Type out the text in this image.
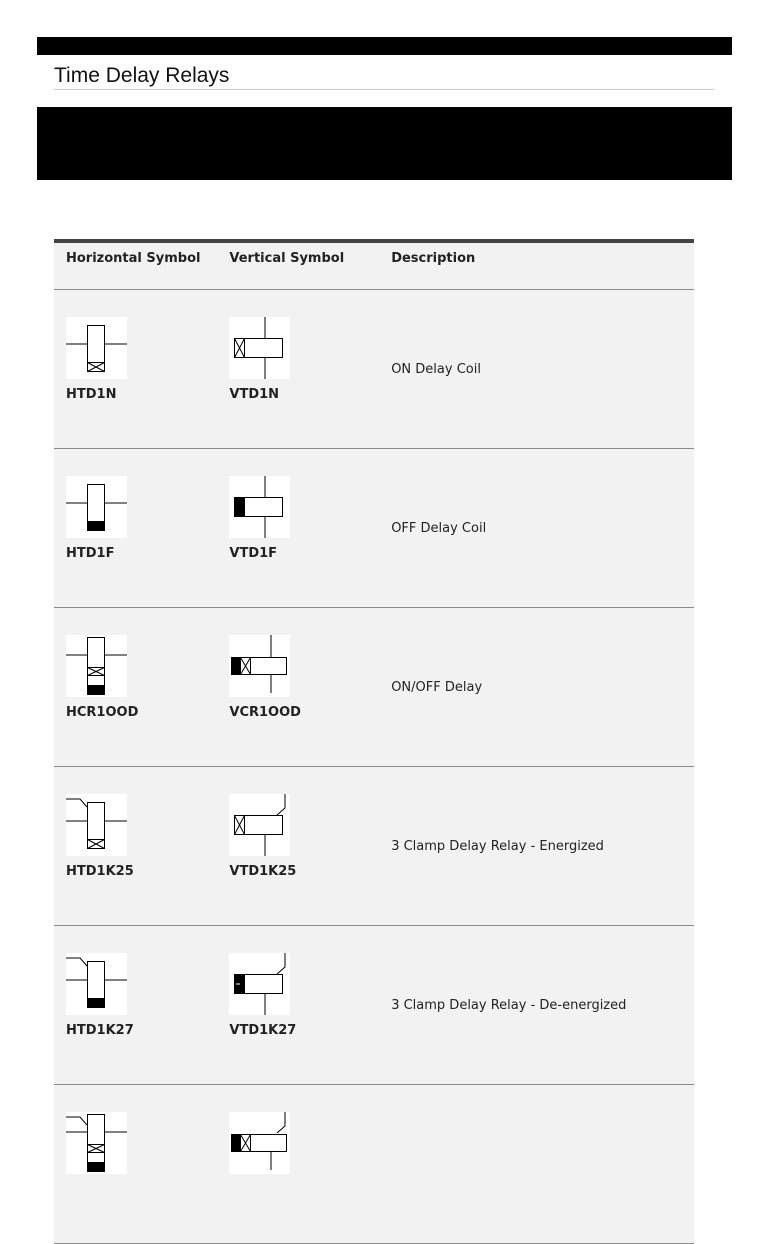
Time Delay Relays
Horizontal Symbol	Vertical Symbol	Description

HTD1N	VTD1N	ON Delay Coil

HTD1F	VTD1F	OFF Delay Coil

HCR1OOD	VCR1OOD	ON/OFF Delay

HTD1K25	VTD1K25	3 Clamp Delay Relay - Energized

HTD1K27	VTD1K27	3 Clamp Delay Relay - De-energized
